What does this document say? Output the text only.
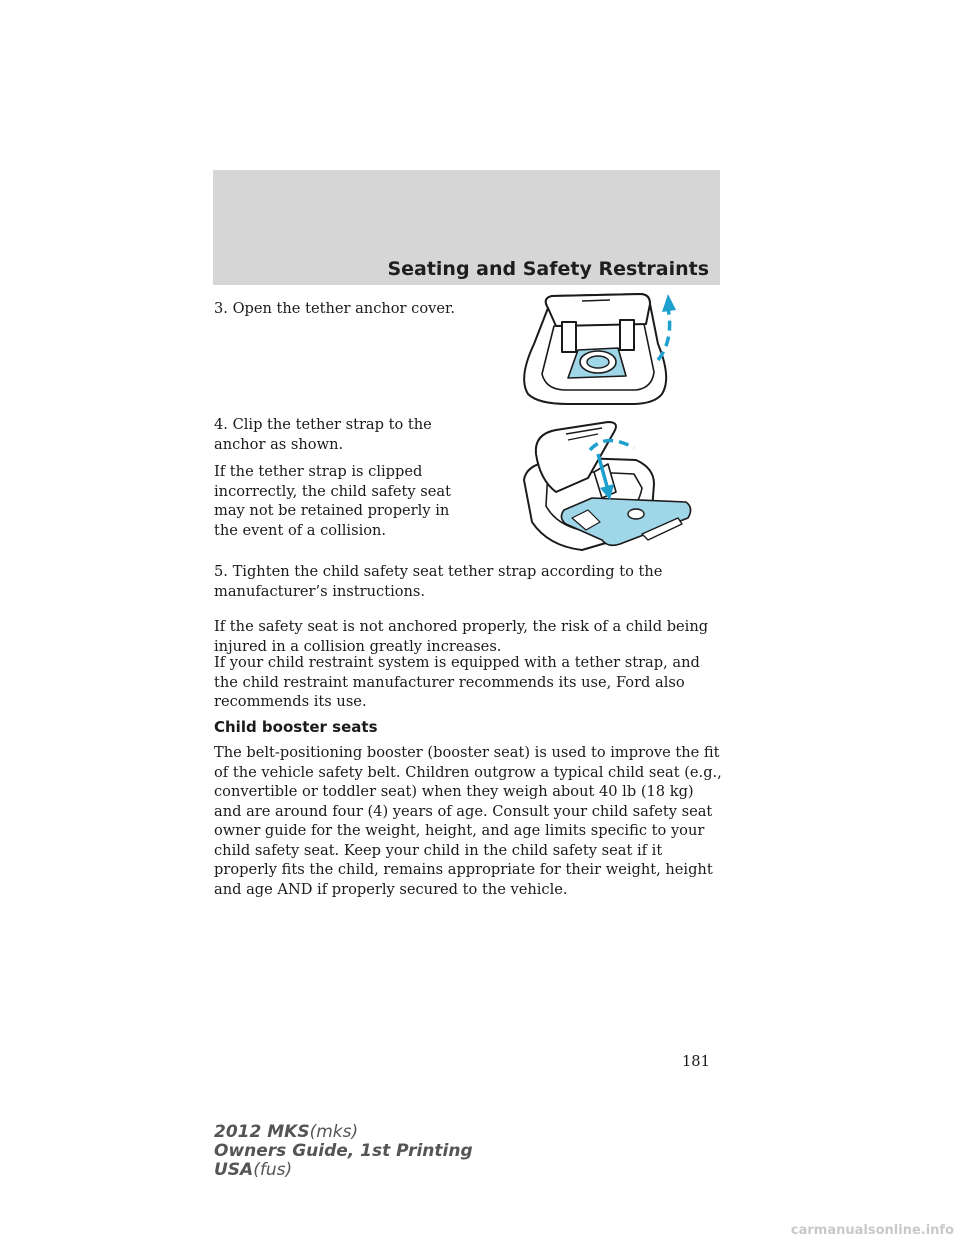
Seating and Safety Restraints

3. Open the tether anchor cover.

4. Clip the tether strap to the anchor as shown.

If the tether strap is clipped incorrectly, the child safety seat may not be retained properly in the event of a collision.

5. Tighten the child safety seat tether strap according to the manufacturer’s instructions.

If the safety seat is not anchored properly, the risk of a child being injured in a collision greatly increases.

If your child restraint system is equipped with a tether strap, and the child restraint manufacturer recommends its use, Ford also recommends its use.

Child booster seats

The belt-positioning booster (booster seat) is used to improve the fit of the vehicle safety belt. Children outgrow a typical child seat (e.g., convertible or toddler seat) when they weigh about 40 lb (18 kg) and are around four (4) years of age. Consult your child safety seat owner guide for the weight, height, and age limits specific to your child safety seat. Keep your child in the child safety seat if it properly fits the child, remains appropriate for their weight, height and age AND if properly secured to the vehicle.

181
2012 MKS(mks)
Owners Guide, 1st Printing
USA(fus)
carmanualsonline.info
